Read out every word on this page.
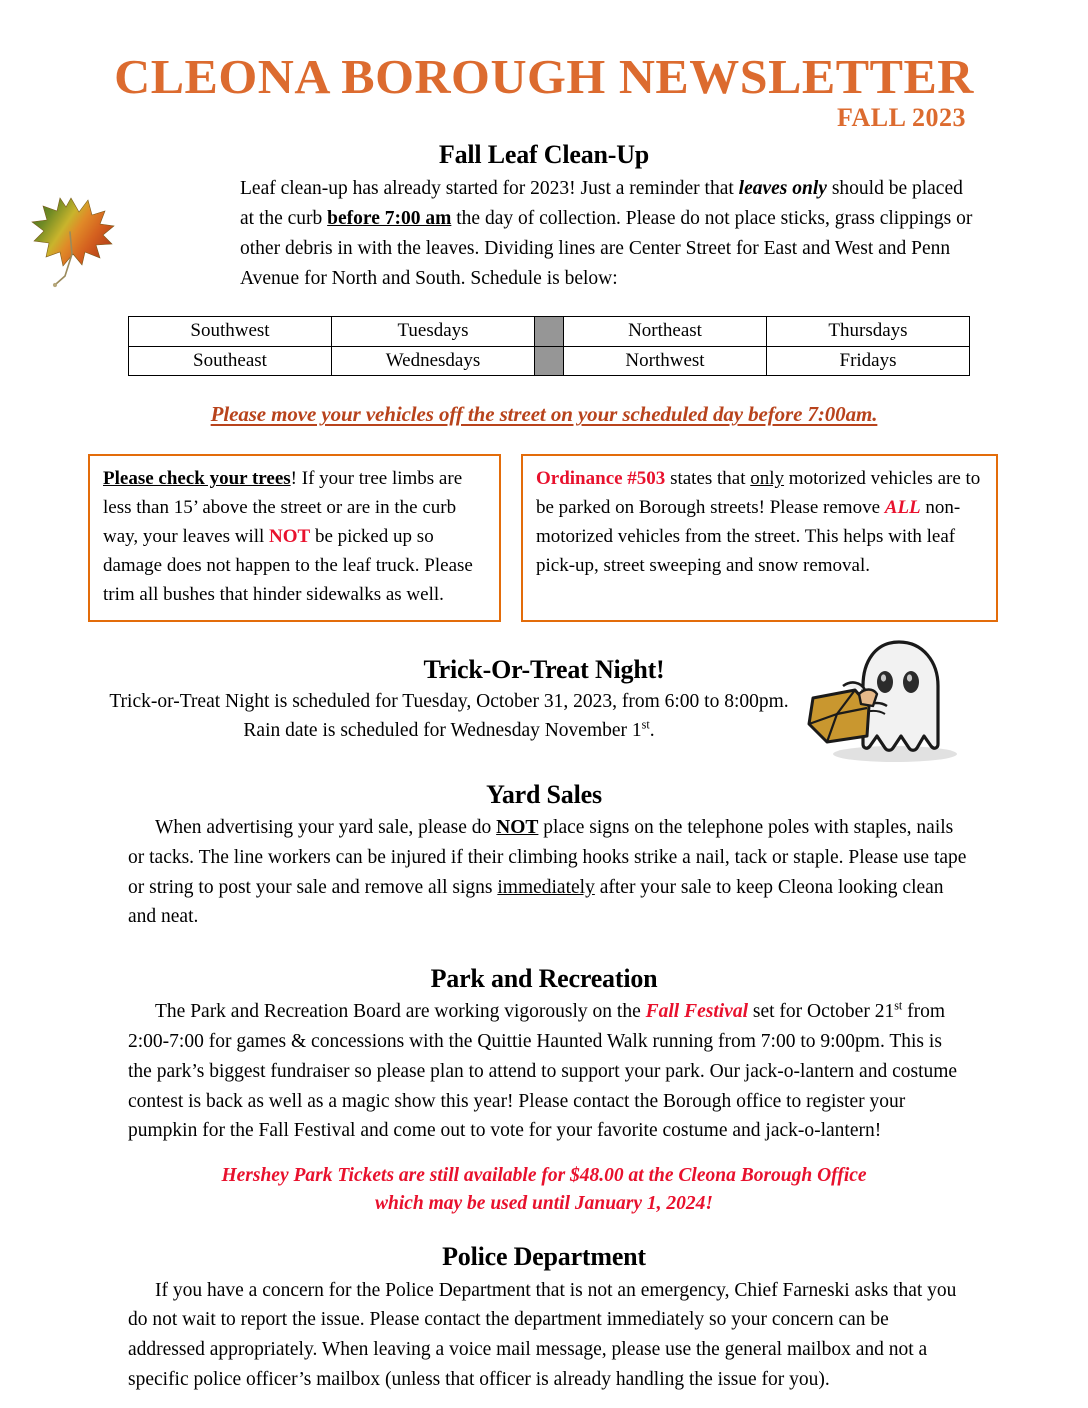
CLEONA BOROUGH NEWSLETTER
FALL 2023
Fall Leaf Clean-Up

Leaf clean-up has already started for 2023! Just a reminder that leaves only should be placed at the curb before 7:00 am the day of collection. Please do not place sticks, grass clippings or other debris in with the leaves. Dividing lines are Center Street for East and West and Penn Avenue for North and South. Schedule is below:

Southwest	Tuesdays		Northeast	Thursdays
Southeast	Wednesdays		Northwest	Fridays
Please move your vehicles off the street on your scheduled day before 7:00am.

Please check your trees! If your tree limbs are less than 15’ above the street or are in the curb way, your leaves will NOT be picked up so damage does not happen to the leaf truck. Please trim all bushes that hinder sidewalks as well.

Ordinance #503 states that only motorized vehicles are to be parked on Borough streets! Please remove ALL non-motorized vehicles from the street. This helps with leaf pick-up, street sweeping and snow removal.

Trick-Or-Treat Night!

Trick-or-Treat Night is scheduled for Tuesday, October 31, 2023, from 6:00 to 8:00pm. Rain date is scheduled for Wednesday November 1st.

Yard Sales

When advertising your yard sale, please do NOT place signs on the telephone poles with staples, nails or tacks. The line workers can be injured if their climbing hooks strike a nail, tack or staple. Please use tape or string to post your sale and remove all signs immediately after your sale to keep Cleona looking clean and neat.

Park and Recreation

The Park and Recreation Board are working vigorously on the Fall Festival set for October 21st from 2:00-7:00 for games & concessions with the Quittie Haunted Walk running from 7:00 to 9:00pm. This is the park’s biggest fundraiser so please plan to attend to support your park. Our jack-o-lantern and costume contest is back as well as a magic show this year! Please contact the Borough office to register your pumpkin for the Fall Festival and come out to vote for your favorite costume and jack-o-lantern!

Hershey Park Tickets are still available for $48.00 at the Cleona Borough Office
which may be used until January 1, 2024!
Police Department

If you have a concern for the Police Department that is not an emergency, Chief Farneski asks that you do not wait to report the issue. Please contact the department immediately so your concern can be addressed appropriately. When leaving a voice mail message, please use the general mailbox and not a specific police officer’s mailbox (unless that officer is already handling the issue for you).
